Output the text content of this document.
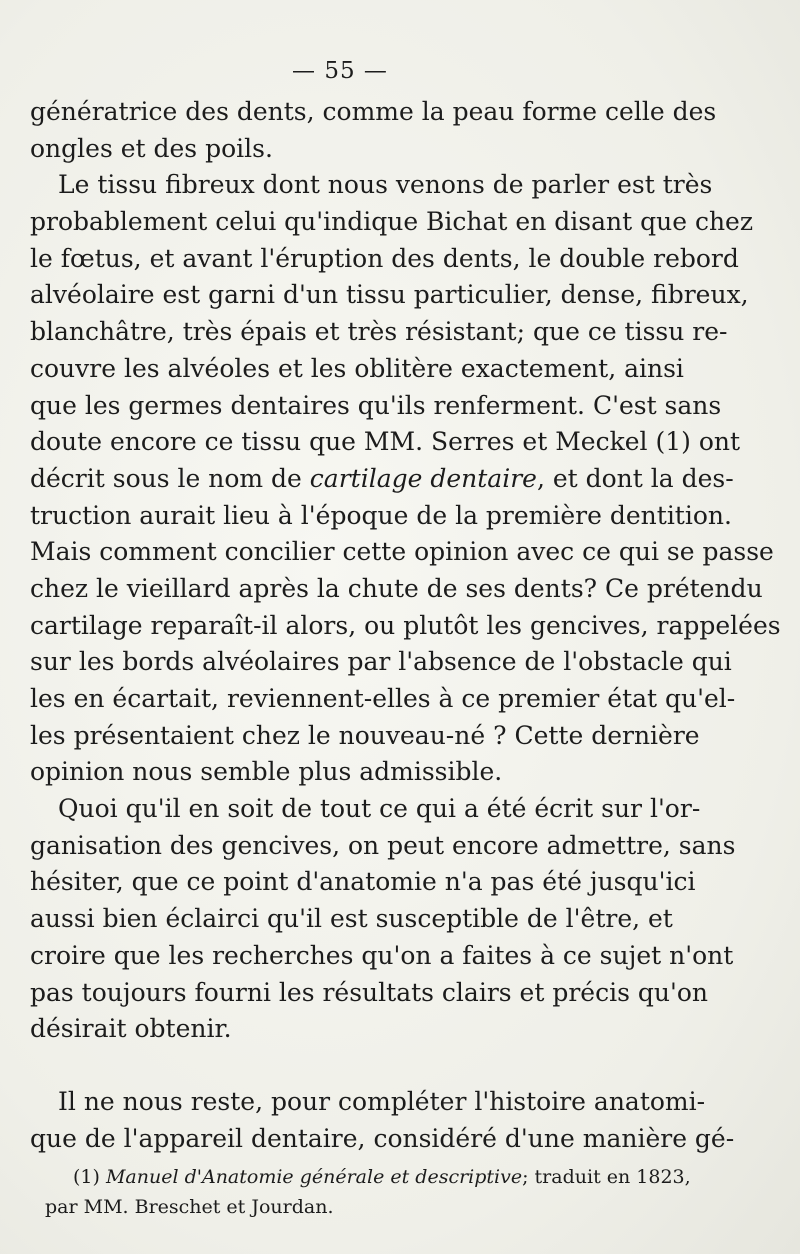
— 55 —
génératrice des dents, comme la peau forme celle des
ongles et des poils.
Le tissu fibreux dont nous venons de parler est très
probablement celui qu'indique Bichat en disant que chez
le fœtus, et avant l'éruption des dents, le double rebord
alvéolaire est garni d'un tissu particulier, dense, fibreux,
blanchâtre, très épais et très résistant; que ce tissu re-
couvre les alvéoles et les oblitère exactement, ainsi
que les germes dentaires qu'ils renferment. C'est sans
doute encore ce tissu que MM. Serres et Meckel (1) ont
décrit sous le nom de cartilage dentaire, et dont la des-
truction aurait lieu à l'époque de la première dentition.
Mais comment concilier cette opinion avec ce qui se passe
chez le vieillard après la chute de ses dents? Ce prétendu
cartilage reparaît-il alors, ou plutôt les gencives, rappelées
sur les bords alvéolaires par l'absence de l'obstacle qui
les en écartait, reviennent-elles à ce premier état qu'el-
les présentaient chez le nouveau-né ? Cette dernière
opinion nous semble plus admissible.
Quoi qu'il en soit de tout ce qui a été écrit sur l'or-
ganisation des gencives, on peut encore admettre, sans
hésiter, que ce point d'anatomie n'a pas été jusqu'ici
aussi bien éclairci qu'il est susceptible de l'être, et
croire que les recherches qu'on a faites à ce sujet n'ont
pas toujours fourni les résultats clairs et précis qu'on
désirait obtenir.
Il ne nous reste, pour compléter l'histoire anatomi-
que de l'appareil dentaire, considéré d'une manière gé-
(1) Manuel d'Anatomie générale et descriptive; traduit en 1823,
par MM. Breschet et Jourdan.
